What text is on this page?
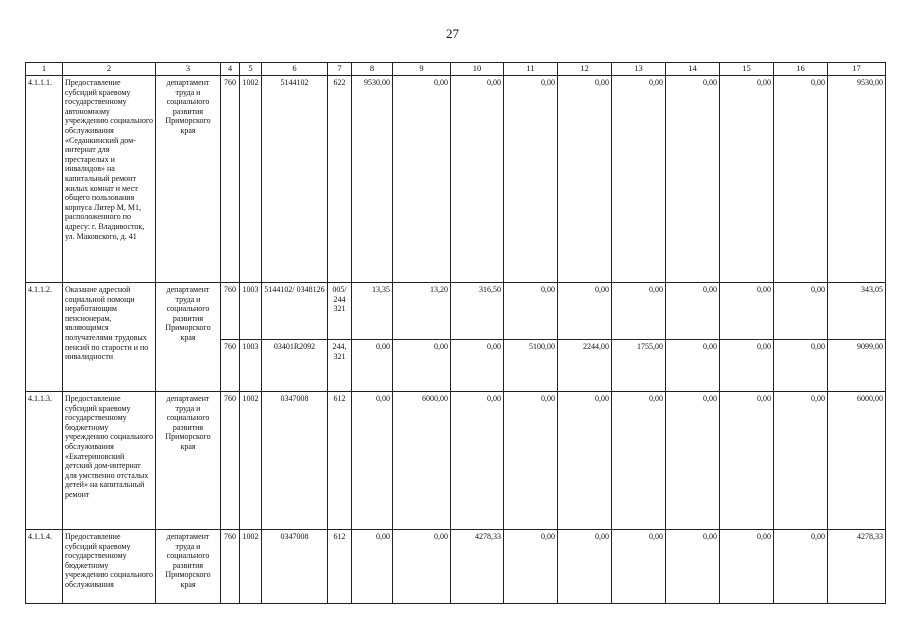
27
1	2	3	4	5	6	7	8	9	10	11	12	13	14	15	16	17
4.1.1.1.	Предоставление субсидий краевому государственному автономному учреждению социального обслуживания «Седанкинский дом-интернат для престарелых и инвалидов» на капитальный ремонт жилых комнат и мест общего пользования корпуса Литер М, М1, расположенного по адресу: г. Владивосток, ул. Маковского, д. 41	департамент труда и социального развития Приморского края	760	1002	5144102	622	9530,00	0,00	0,00	0,00	0,00	0,00	0,00	0,00	0,00	9530,00
4.1.1.2.	Оказание адресной социальной помощи неработающим пенсионерам, являющимся получателями трудовых пенсий по старости и по инвалидности	департамент труда и социального развития Приморского края	760	1003	5144102/ 0348126	005/ 244 321	13,35	13,20	316,50	0,00	0,00	0,00	0,00	0,00	0,00	343,05
			760	1003	03401R2092	244, 321	0,00	0,00	0,00	5100,00	2244,00	1755,00	0,00	0,00	0,00	9099,00
4.1.1.3.	Предоставление субсидий краевому государственному бюджетному учреждению социального обслуживания «Екатериновский детский дом-интернат для умственно отсталых детей» на капитальный ремонт	департамент труда и социального развития Приморского края	760	1002	0347008	612	0,00	6000,00	0,00	0,00	0,00	0,00	0,00	0,00	0,00	6000,00
4.1.1.4.	Предоставление субсидий краевому государственному бюджетному учреждению социального обслуживания	департамент труда и социального развития Приморского края	760	1002	0347008	612	0,00	0,00	4278,33	0,00	0,00	0,00	0,00	0,00	0,00	4278,33
